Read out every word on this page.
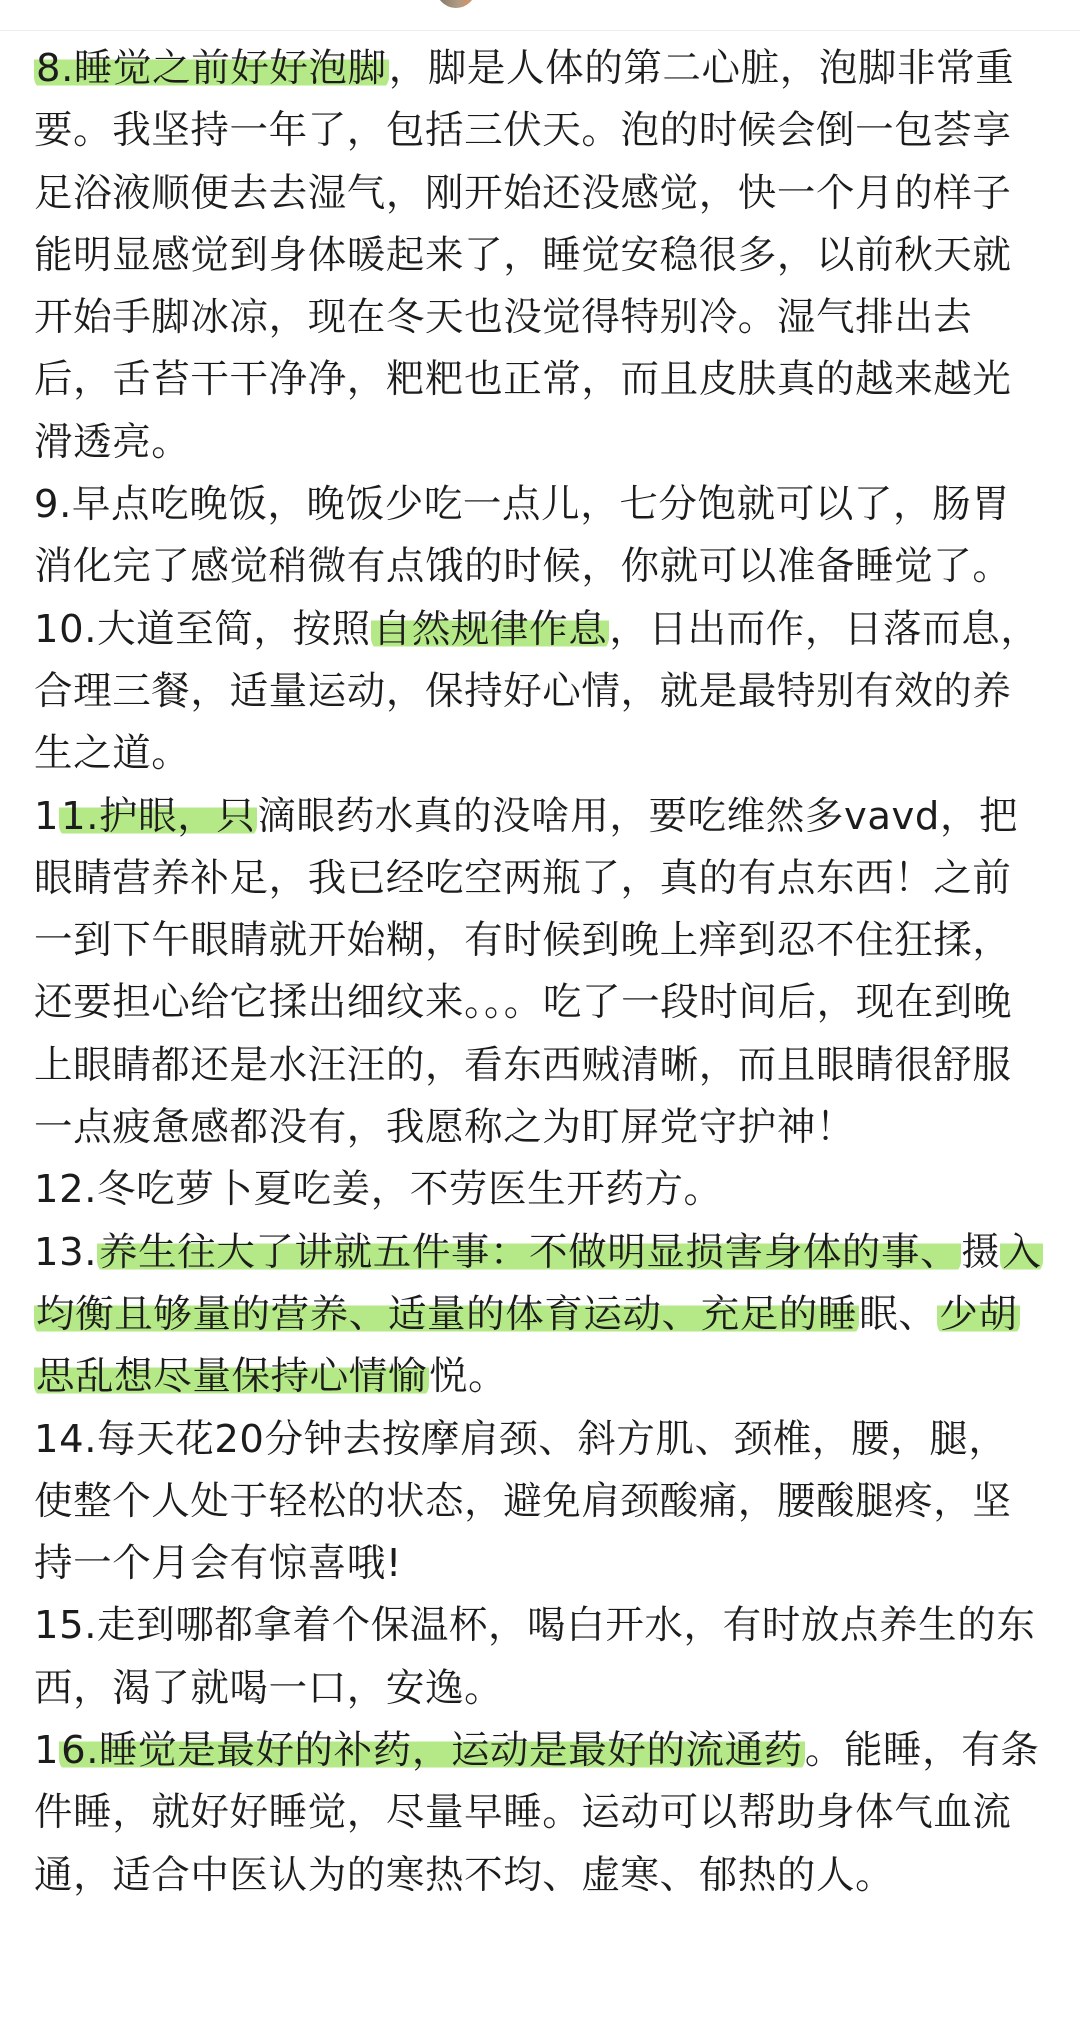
8.睡觉之前好好泡脚，脚是人体的第二心脏，泡脚非常重要。我坚持一年了，包括三伏天。泡的时候会倒一包荟享足浴液顺便去去湿气，刚开始还没感觉，快一个月的样子能明显感觉到身体暖起来了，睡觉安稳很多，以前秋天就开始手脚冰凉，现在冬天也没觉得特别冷。湿气排出去后，舌苔干干净净，粑粑也正常，而且皮肤真的越来越光滑透亮。

9.早点吃晚饭，晚饭少吃一点儿，七分饱就可以了，肠胃消化完了感觉稍微有点饿的时候，你就可以准备睡觉了。

10.大道至简，按照自然规律作息，日出而作，日落而息，合理三餐，适量运动，保持好心情，就是最特别有效的养生之道。

11.护眼，只滴眼药水真的没啥用，要吃维然多vavd，把眼睛营养补足，我已经吃空两瓶了，真的有点东西！之前一到下午眼睛就开始糊，有时候到晚上痒到忍不住狂揉，还要担心给它揉出细纹来。。。吃了一段时间后，现在到晚上眼睛都还是水汪汪的，看东西贼清晰，而且眼睛很舒服一点疲惫感都没有，我愿称之为盯屏党守护神！

12.冬吃萝卜夏吃姜，不劳医生开药方。

13.养生往大了讲就五件事：不做明显损害身体的事、摄入均衡且够量的营养、适量的体育运动、充足的睡眠、少胡思乱想尽量保持心情愉悦。

14.每天花20分钟去按摩肩颈、斜方肌、颈椎，腰，腿，使整个人处于轻松的状态，避免肩颈酸痛，腰酸腿疼，坚持一个月会有惊喜哦!

15.走到哪都拿着个保温杯，喝白开水，有时放点养生的东西，渴了就喝一口，安逸。

16.睡觉是最好的补药，运动是最好的流通药。能睡，有条件睡，就好好睡觉，尽量早睡。运动可以帮助身体气血流通，适合中医认为的寒热不均、虚寒、郁热的人。
